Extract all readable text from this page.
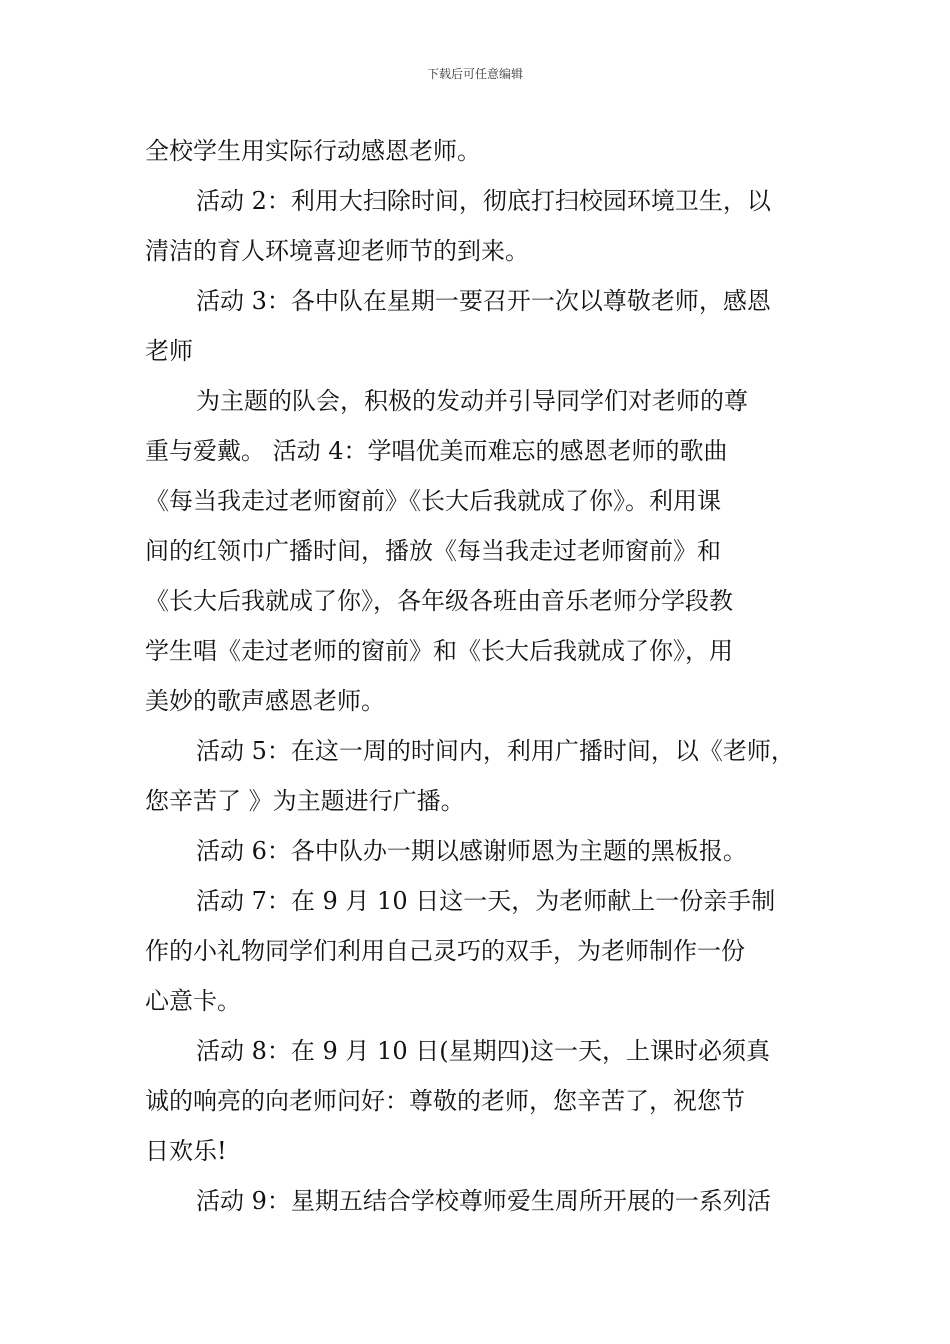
下载后可任意编辑
全校学生用实际行动感恩老师。
活动 2：利用大扫除时间，彻底打扫校园环境卫生，以
清洁的育人环境喜迎老师节的到来。
活动 3：各中队在星期一要召开一次以尊敬老师，感恩
老师
为主题的队会，积极的发动并引导同学们对老师的尊
重与爱戴。 活动 4：学唱优美而难忘的感恩老师的歌曲
《每当我走过老师窗前》《长大后我就成了你》。利用课
间的红领巾广播时间，播放《每当我走过老师窗前》和
《长大后我就成了你》，各年级各班由音乐老师分学段教
学生唱《走过老师的窗前》和《长大后我就成了你》，用
美妙的歌声感恩老师。
活动 5：在这一周的时间内，利用广播时间，以《老师，
您辛苦了 》为主题进行广播。
活动 6：各中队办一期以感谢师恩为主题的黑板报。
活动 7：在 9 月 10 日这一天，为老师献上一份亲手制
作的小礼物同学们利用自己灵巧的双手，为老师制作一份
心意卡。
活动 8：在 9 月 10 日(星期四)这一天，上课时必须真
诚的响亮的向老师问好：尊敬的老师，您辛苦了，祝您节
日欢乐!
活动 9：星期五结合学校尊师爱生周所开展的一系列活
